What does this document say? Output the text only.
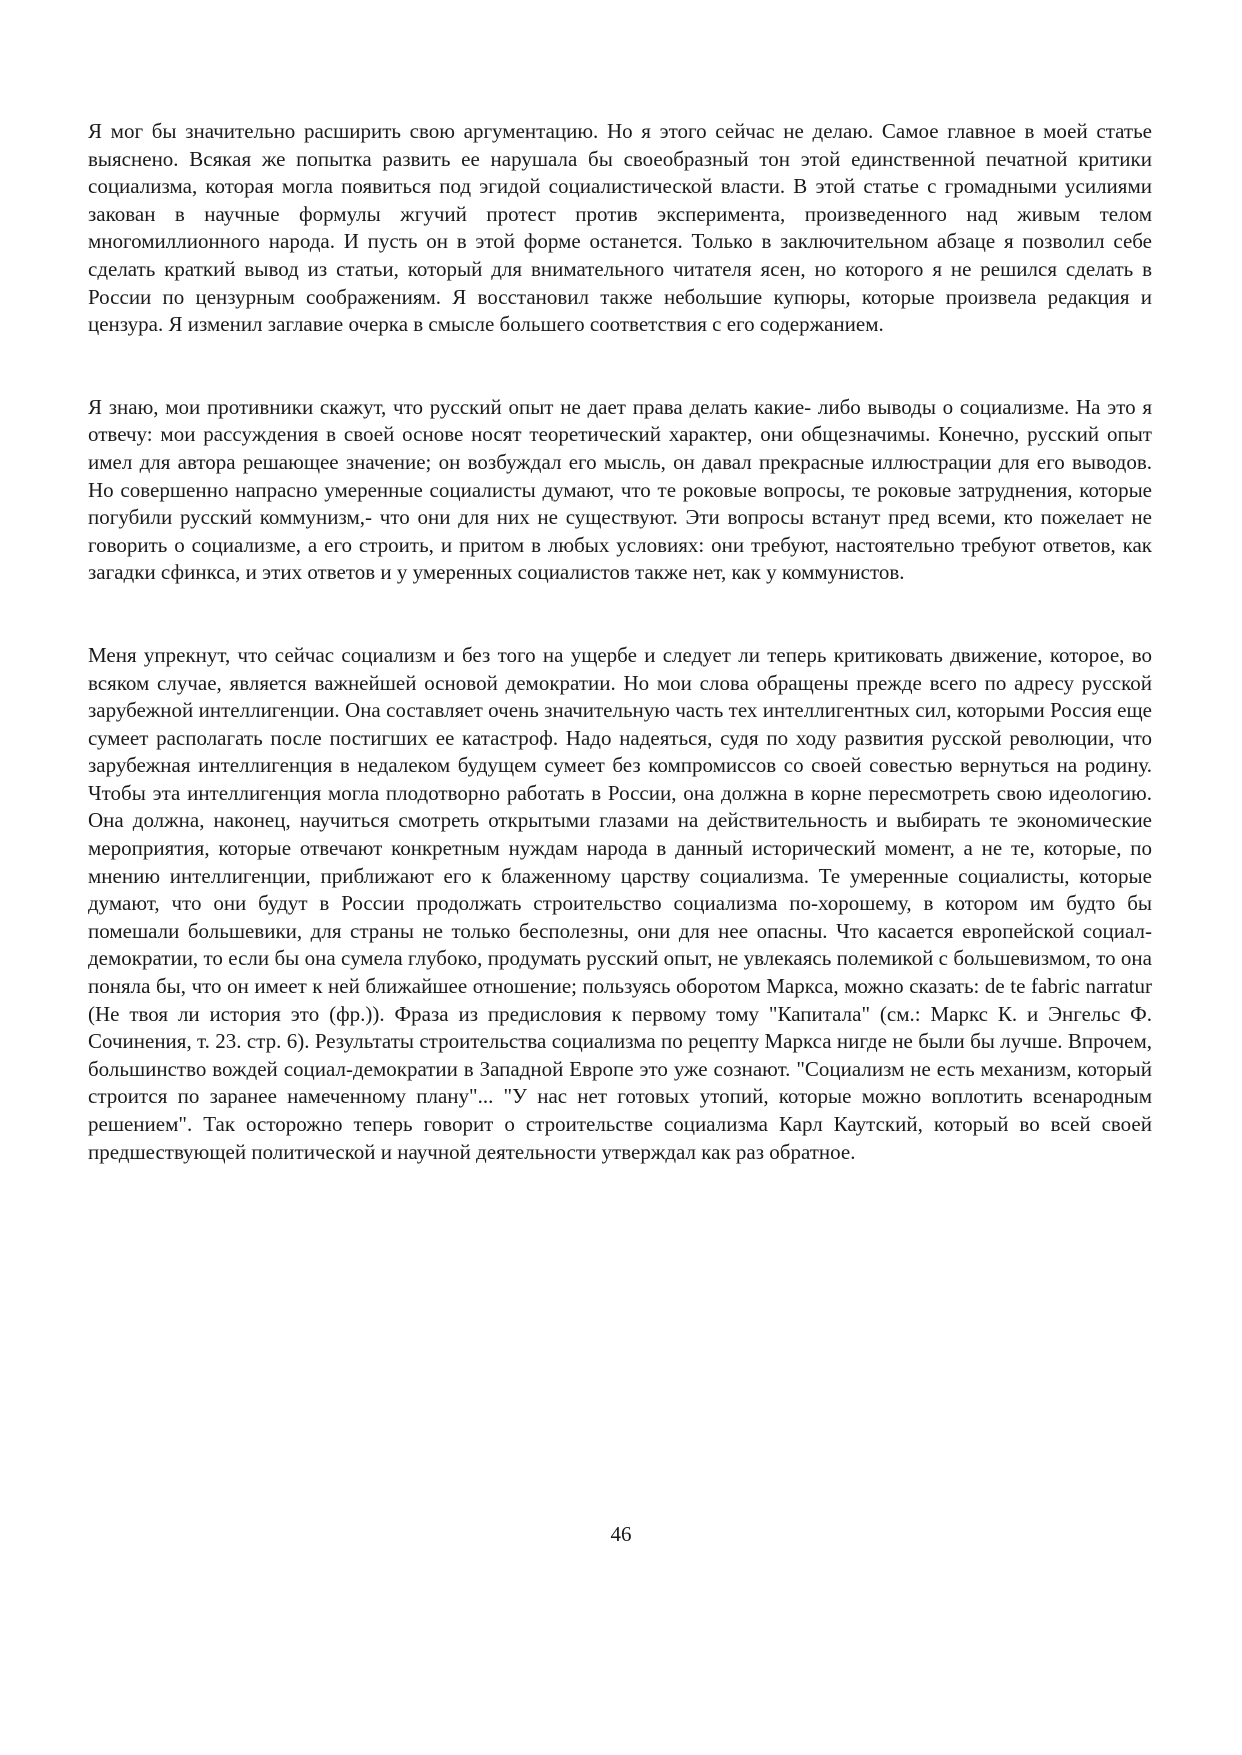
Я мог бы значительно расширить свою аргументацию. Но я этого сейчас не делаю. Самое главное в моей статье выяснено. Всякая же попытка развить ее нарушала бы своеобразный тон этой единственной печатной критики социализма, которая могла появиться под эгидой социалистической власти. В этой статье с громадными усилиями закован в научные формулы жгучий протест против эксперимента, произведенного над живым телом многомиллионного народа. И пусть он в этой форме останется. Только в заключительном абзаце я позволил себе сделать краткий вывод из статьи, который для внимательного читателя ясен, но которого я не решился сделать в России по цензурным соображениям. Я восстановил также небольшие купюры, которые произвела редакция и цензура. Я изменил заглавие очерка в смысле большего соответствия с его содержанием.

Я знаю, мои противники скажут, что русский опыт не дает права делать какие- либо выводы о социализме. На это я отвечу: мои рассуждения в своей основе носят теоретический характер, они общезначимы. Конечно, русский опыт имел для автора решающее значение; он возбуждал его мысль, он давал прекрасные иллюстрации для его выводов. Но совершенно напрасно умеренные социалисты думают, что те роковые вопросы, те роковые затруднения, которые погубили русский коммунизм,- что они для них не существуют. Эти вопросы встанут пред всеми, кто пожелает не говорить о социализме, а его строить, и притом в любых условиях: они требуют, настоятельно требуют ответов, как загадки сфинкса, и этих ответов и у умеренных социалистов также нет, как у коммунистов.

Меня упрекнут, что сейчас социализм и без того на ущербе и следует ли теперь критиковать движение, которое, во всяком случае, является важнейшей основой демократии. Но мои слова обращены прежде всего по адресу русской зарубежной интеллигенции. Она составляет очень значительную часть тех интеллигентных сил, которыми Россия еще сумеет располагать после постигших ее катастроф. Надо надеяться, судя по ходу развития русской революции, что зарубежная интеллигенция в недалеком будущем сумеет без компромиссов со своей совестью вернуться на родину. Чтобы эта интеллигенция могла плодотворно работать в России, она должна в корне пересмотреть свою идеологию. Она должна, наконец, научиться смотреть открытыми глазами на действительность и выбирать те экономические мероприятия, которые отвечают конкретным нуждам народа в данный исторический момент, а не те, которые, по мнению интеллигенции, приближают его к блаженному царству социализма. Те умеренные социалисты, которые думают, что они будут в России продолжать строительство социализма по-хорошему, в котором им будто бы помешали большевики, для страны не только бесполезны, они для нее опасны. Что касается европейской социал-демократии, то если бы она сумела глубоко, продумать русский опыт, не увлекаясь полемикой с большевизмом, то она поняла бы, что он имеет к ней ближайшее отношение; пользуясь оборотом Маркса, можно сказать: de te fabric narratur (Не твоя ли история это (фр.)). Фраза из предисловия к первому тому "Капитала" (см.: Маркс К. и Энгельс Ф. Сочинения, т. 23. стр. 6). Результаты строительства социализма по рецепту Маркса нигде не были бы лучше. Впрочем, большинство вождей социал-демократии в Западной Европе это уже сознают. "Социализм не есть механизм, который строится по заранее намеченному плану"... "У нас нет готовых утопий, которые можно воплотить всенародным решением". Так осторожно теперь говорит о строительстве социализма Карл Каутский, который во всей своей предшествующей политической и научной деятельности утверждал как раз обратное.

46
